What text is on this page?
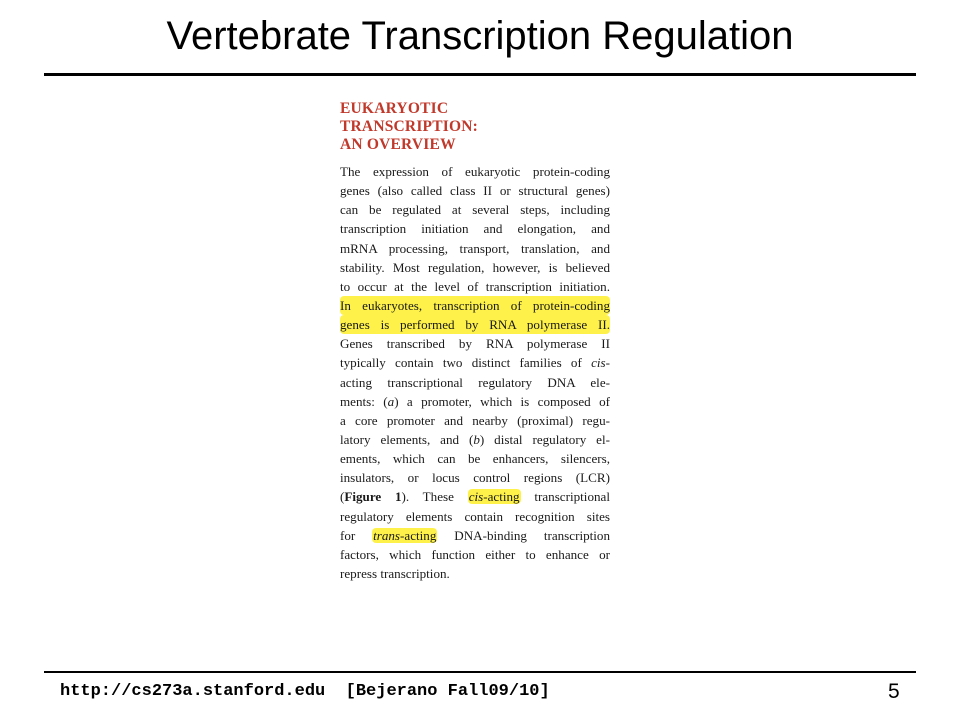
Vertebrate Transcription Regulation
EUKARYOTIC
TRANSCRIPTION:
AN OVERVIEW
The expression of eukaryotic protein-coding
genes (also called class II or structural genes)
can be regulated at several steps, including
transcription initiation and elongation, and
mRNA processing, transport, translation, and
stability. Most regulation, however, is believed
to occur at the level of transcription initiation.
In eukaryotes, transcription of protein-coding
genes is performed by RNA polymerase II.
Genes transcribed by RNA polymerase II
typically contain two distinct families of cis-
acting transcriptional regulatory DNA ele-
ments: (a) a promoter, which is composed of
a core promoter and nearby (proximal) regu-
latory elements, and (b) distal regulatory el-
ements, which can be enhancers, silencers,
insulators, or locus control regions (LCR)
(Figure 1). These cis-acting transcriptional
regulatory elements contain recognition sites
for trans-acting DNA-binding transcription
factors, which function either to enhance or
repress transcription.
http://cs273a.stanford.edu  [Bejerano Fall09/10]	5
